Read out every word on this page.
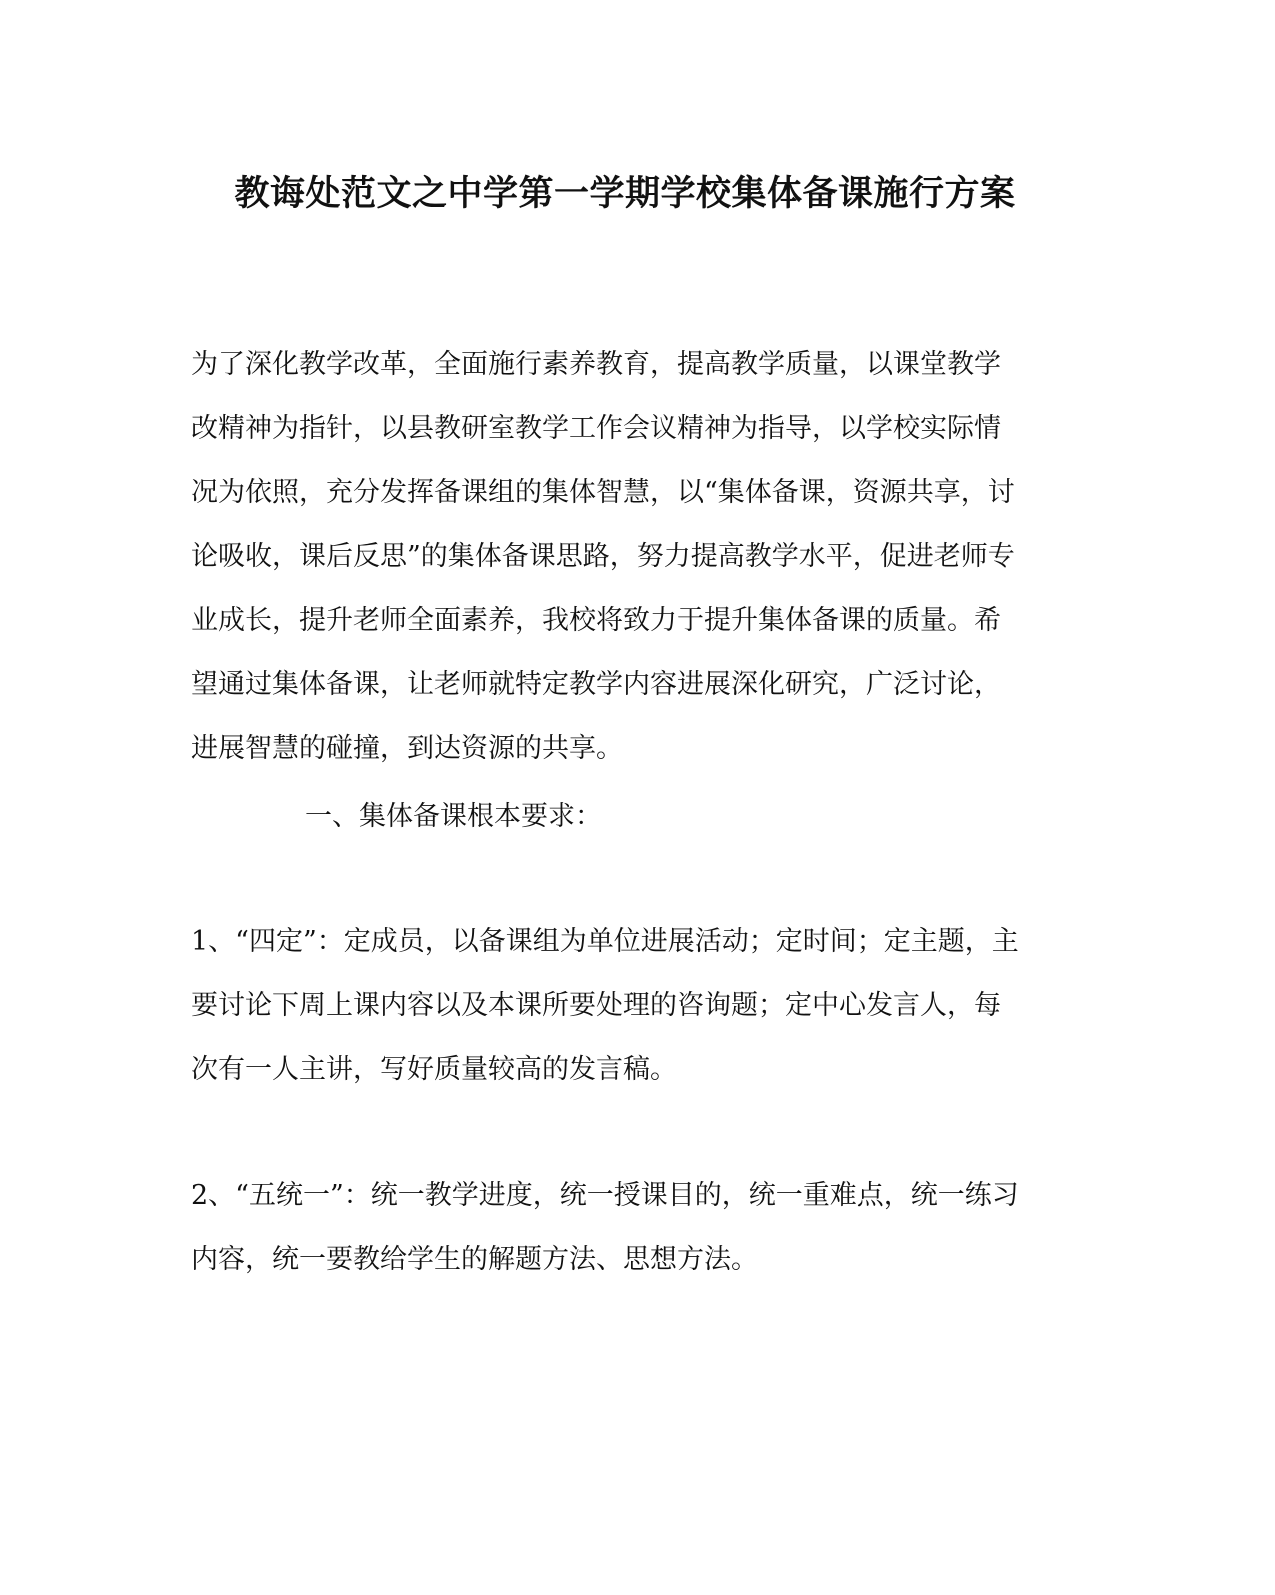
教诲处范文之中学第一学期学校集体备课施行方案

为了深化教学改革，全面施行素养教育，提高教学质量，以课堂教学
改精神为指针，以县教研室教学工作会议精神为指导，以学校实际情
况为依照，充分发挥备课组的集体智慧，以“集体备课，资源共享，讨
论吸收，课后反思”的集体备课思路，努力提高教学水平，促进老师专
业成长，提升老师全面素养，我校将致力于提升集体备课的质量。希
望通过集体备课，让老师就特定教学内容进展深化研究，广泛讨论，
进展智慧的碰撞，到达资源的共享。

一、集体备课根本要求：

1、“四定”：定成员，以备课组为单位进展活动；定时间；定主题，主
要讨论下周上课内容以及本课所要处理的咨询题；定中心发言人，每
次有一人主讲，写好质量较高的发言稿。

2、“五统一”：统一教学进度，统一授课目的，统一重难点，统一练习
内容，统一要教给学生的解题方法、思想方法。
